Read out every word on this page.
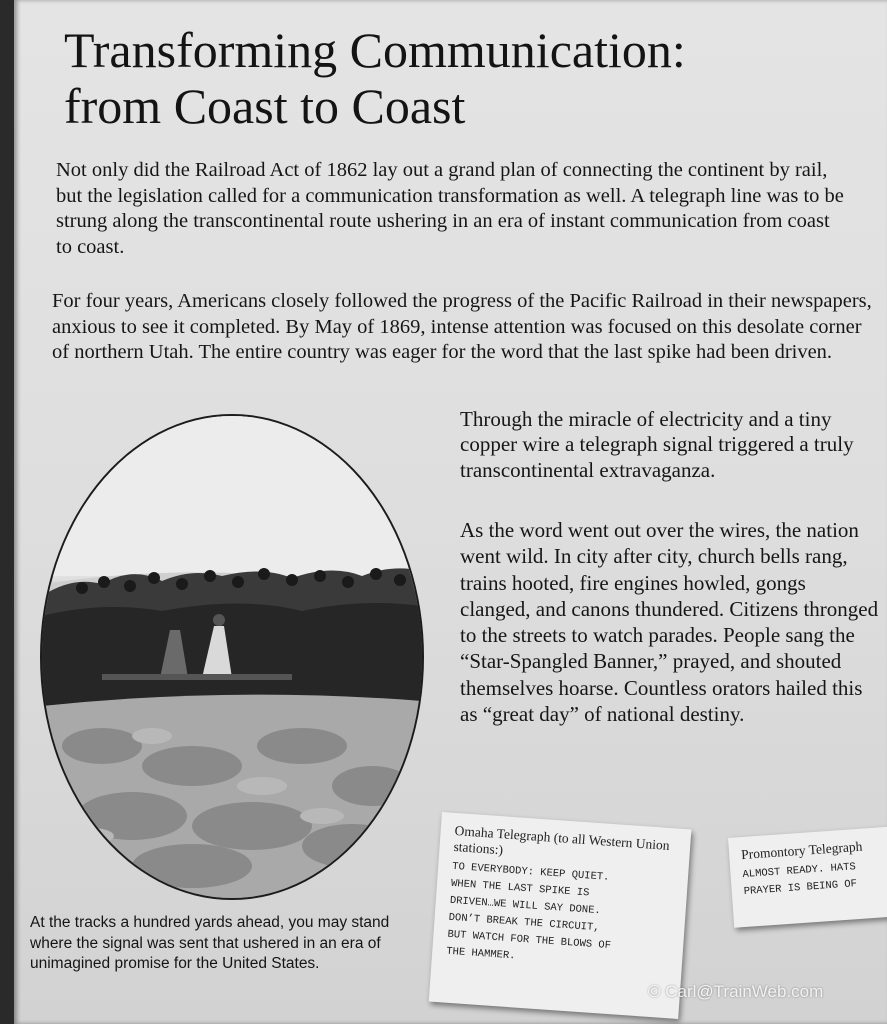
Transforming Communication:
from Coast to Coast

Not only did the Railroad Act of 1862 lay out a grand plan of connecting the continent by rail, but the legislation called for a communication transformation as well. A telegraph line was to be strung along the transcontinental route ushering in an era of instant communication from coast to coast.

For four years, Americans closely followed the progress of the Pacific Railroad in their newspapers, anxious to see it completed. By May of 1869, intense attention was focused on this desolate corner of northern Utah. The entire country was eager for the word that the last spike had been driven.

Through the miracle of electricity and a tiny copper wire a telegraph signal triggered a truly transcontinental extravaganza.

As the word went out over the wires, the nation went wild. In city after city, church bells rang, trains hooted, fire engines howled, gongs clanged, and canons thundered. Citizens thronged to the streets to watch parades. People sang the “Star-Spangled Banner,” prayed, and shouted themselves hoarse. Countless orators hailed this as “great day” of national destiny.

At the tracks a hundred yards ahead, you may stand where the signal was sent that ushered in an era of unimagined promise for the United States.
Omaha Telegraph (to all Western Union stations:)
TO EVERYBODY: KEEP QUIET.
WHEN THE LAST SPIKE IS
DRIVEN…WE WILL SAY DONE.
DON’T BREAK THE CIRCUIT,
BUT WATCH FOR THE BLOWS OF
THE HAMMER.
Promontory Telegraph
ALMOST READY. HATS
PRAYER IS BEING OF
© Carl@TrainWeb.com
